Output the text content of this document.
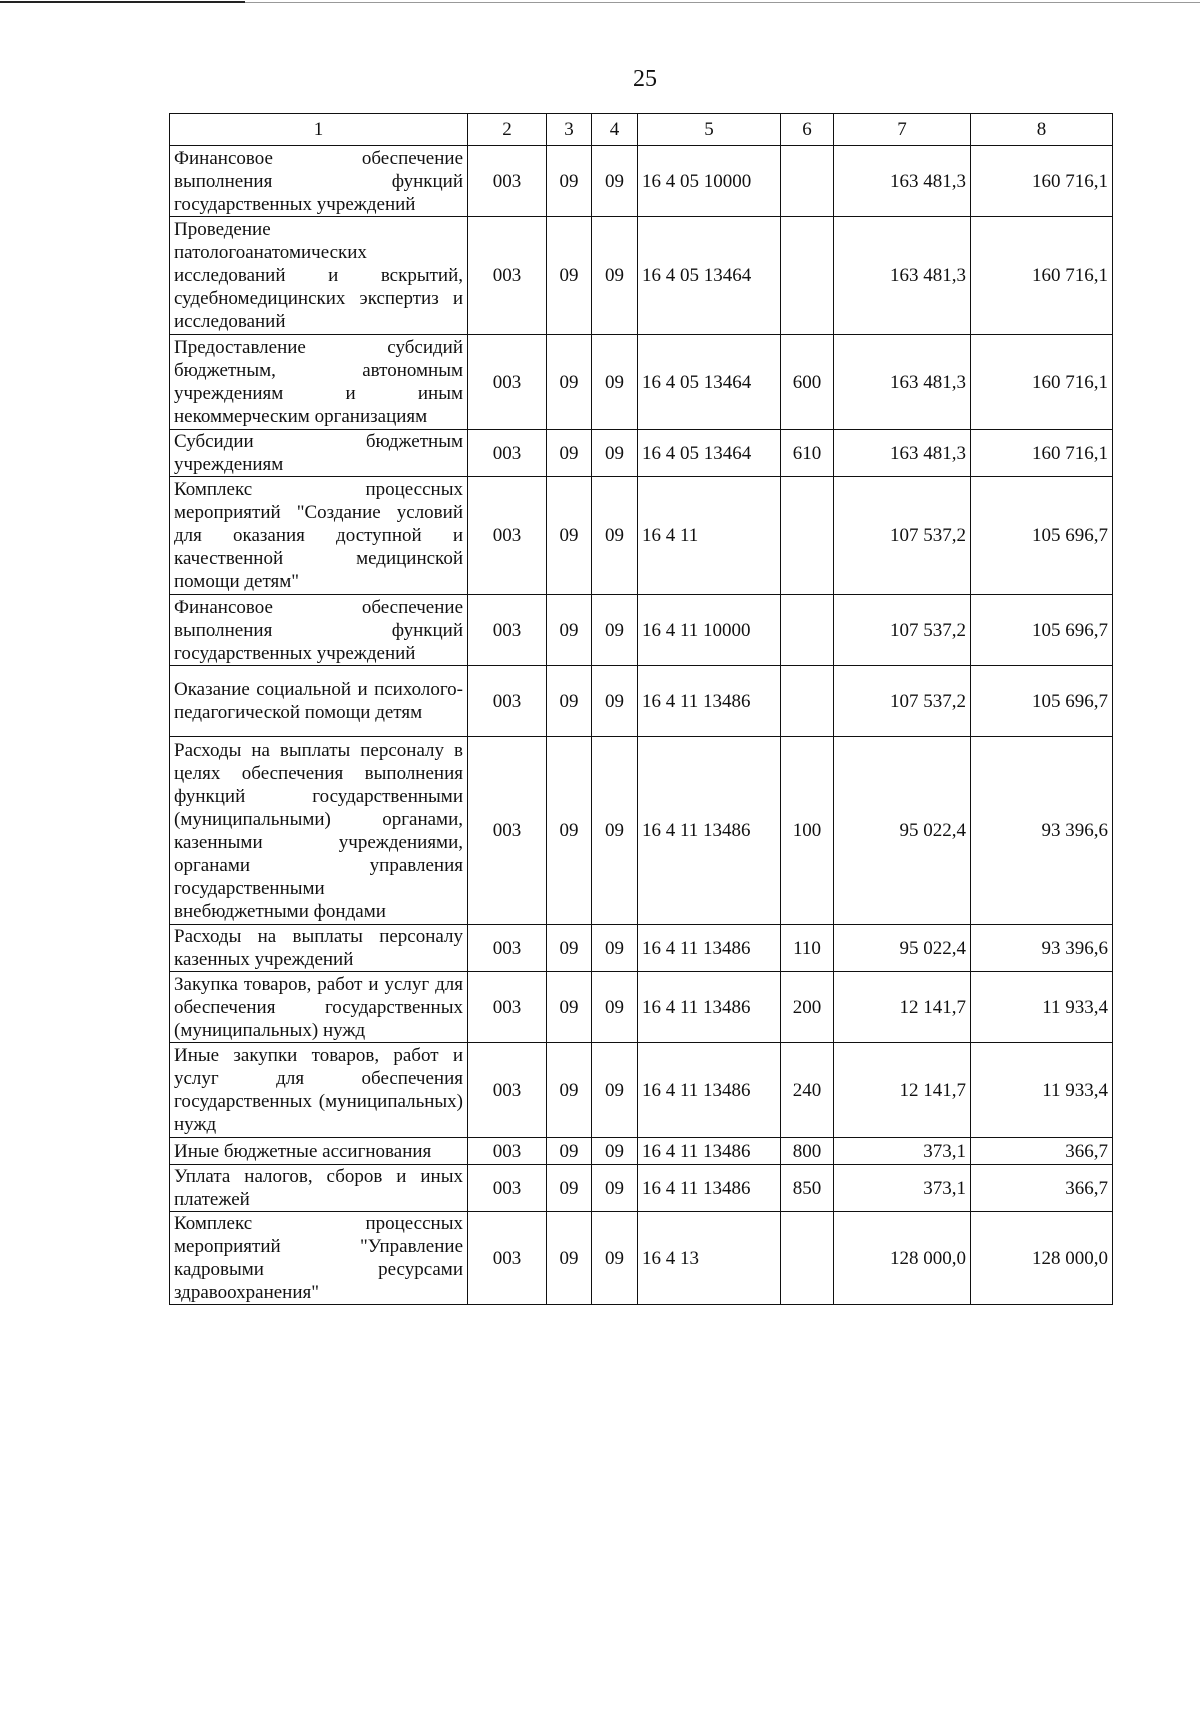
25
1	2	3	4	5	6	7	8
Финансовое обеспечение выполнения функций государственных учреждений	003	09	09	16 4 05 10000		163 481,3	160 716,1
Проведение патологоанатомических исследований и вскрытий, судебномедицинских экспертиз и исследований	003	09	09	16 4 05 13464		163 481,3	160 716,1
Предоставление субсидий бюджетным, автономным учреждениям и иным некоммерческим организациям	003	09	09	16 4 05 13464	600	163 481,3	160 716,1
Субсидии бюджетным учреждениям	003	09	09	16 4 05 13464	610	163 481,3	160 716,1
Комплекс процессных мероприятий "Создание условий для оказания доступной и качественной медицинской помощи детям"	003	09	09	16 4 11		107 537,2	105 696,7
Финансовое обеспечение выполнения функций государственных учреждений	003	09	09	16 4 11 10000		107 537,2	105 696,7
Оказание социальной и психолого-педагогической помощи детям	003	09	09	16 4 11 13486		107 537,2	105 696,7
Расходы на выплаты персоналу в целях обеспечения выполнения функций государственными (муниципальными) органами, казенными учреждениями, органами управления государственными внебюджетными фондами	003	09	09	16 4 11 13486	100	95 022,4	93 396,6
Расходы на выплаты персоналу казенных учреждений	003	09	09	16 4 11 13486	110	95 022,4	93 396,6
Закупка товаров, работ и услуг для обеспечения государственных (муниципальных) нужд	003	09	09	16 4 11 13486	200	12 141,7	11 933,4
Иные закупки товаров, работ и услуг для обеспечения государственных (муниципальных) нужд	003	09	09	16 4 11 13486	240	12 141,7	11 933,4
Иные бюджетные ассигнования	003	09	09	16 4 11 13486	800	373,1	366,7
Уплата налогов, сборов и иных платежей	003	09	09	16 4 11 13486	850	373,1	366,7
Комплекс процессных мероприятий "Управление кадровыми ресурсами здравоохранения"	003	09	09	16 4 13		128 000,0	128 000,0
